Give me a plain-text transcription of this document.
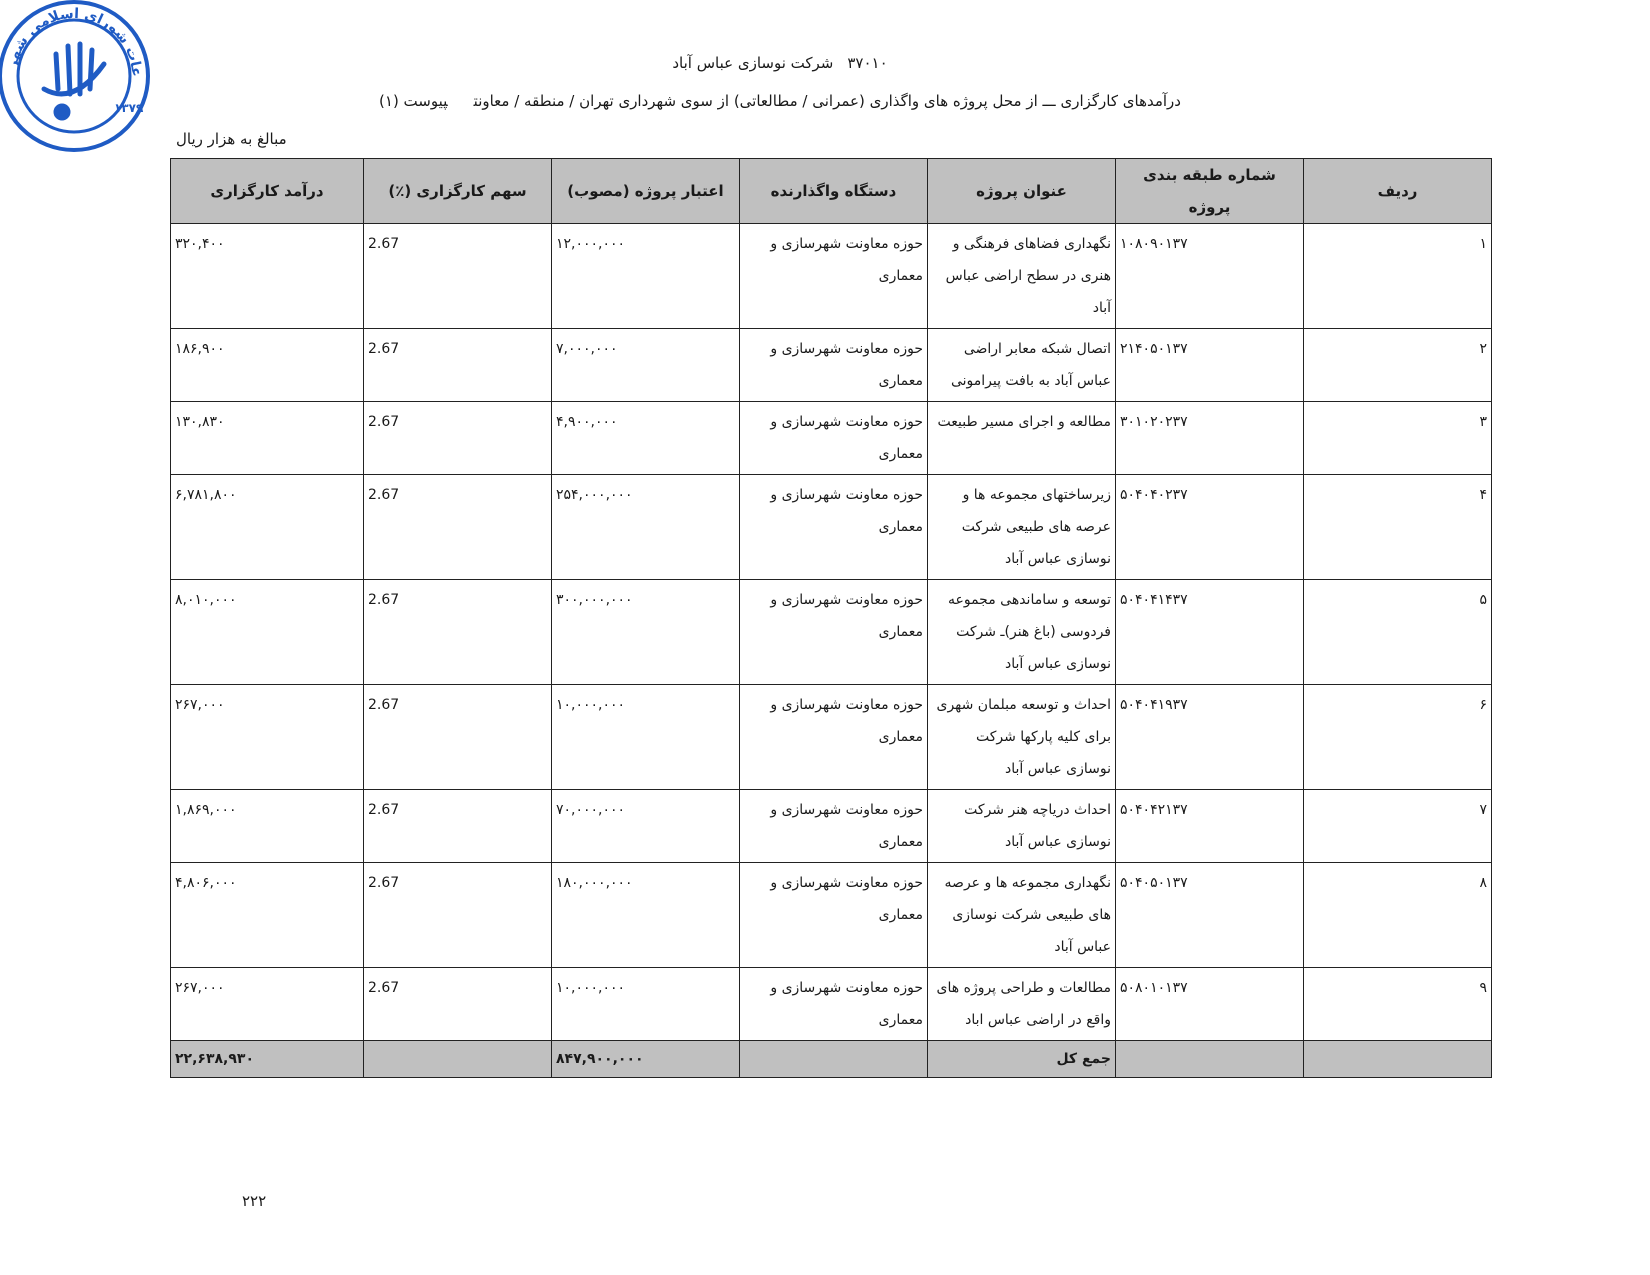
عات شورای اسلامی شهر
۱۳۷۹
۳۷۰۱۰شرکت نوسازی عباس آباد
درآمدهای کارگزاری ـــ از محل پروژه های واگذاری (عمرانی / مطالعاتی) از سوی شهرداری تهران / منطقه / معاونتپیوست (۱)
مبالغ به هزار ریال
ردیف	شماره طبقه بندی پروژه	عنوان پروژه	دستگاه واگذارنده	اعتبار پروژه (مصوب)	سهم کارگزاری (٪)	درآمد کارگزاری
۱	۱۰۸۰۹۰۱۳۷	نگهداری فضاهای فرهنگی و هنری در سطح اراضی عباس آباد	حوزه معاونت شهرسازی و معماری	۱۲,۰۰۰,۰۰۰	2.67	۳۲۰,۴۰۰
۲	۲۱۴۰۵۰۱۳۷	اتصال شبکه معابر اراضی عباس آباد به بافت پیرامونی	حوزه معاونت شهرسازی و معماری	۷,۰۰۰,۰۰۰	2.67	۱۸۶,۹۰۰
۳	۳۰۱۰۲۰۲۳۷	مطالعه و اجرای مسیر طبیعت	حوزه معاونت شهرسازی و معماری	۴,۹۰۰,۰۰۰	2.67	۱۳۰,۸۳۰
۴	۵۰۴۰۴۰۲۳۷	زیرساختهای مجموعه ها و عرصه های طبیعی شرکت نوسازی عباس آباد	حوزه معاونت شهرسازی و معماری	۲۵۴,۰۰۰,۰۰۰	2.67	۶,۷۸۱,۸۰۰
۵	۵۰۴۰۴۱۴۳۷	توسعه و ساماندهی مجموعه فردوسی (باغ هنر)ـ شرکت نوسازی عباس آباد	حوزه معاونت شهرسازی و معماری	۳۰۰,۰۰۰,۰۰۰	2.67	۸,۰۱۰,۰۰۰
۶	۵۰۴۰۴۱۹۳۷	احداث و توسعه مبلمان شهری برای کلیه پارکها شرکت نوسازی عباس آباد	حوزه معاونت شهرسازی و معماری	۱۰,۰۰۰,۰۰۰	2.67	۲۶۷,۰۰۰
۷	۵۰۴۰۴۲۱۳۷	احداث دریاچه هنر شرکت نوسازی عباس آباد	حوزه معاونت شهرسازی و معماری	۷۰,۰۰۰,۰۰۰	2.67	۱,۸۶۹,۰۰۰
۸	۵۰۴۰۵۰۱۳۷	نگهداری مجموعه ها و عرصه های طبیعی شرکت نوسازی عباس آباد	حوزه معاونت شهرسازی و معماری	۱۸۰,۰۰۰,۰۰۰	2.67	۴,۸۰۶,۰۰۰
۹	۵۰۸۰۱۰۱۳۷	مطالعات و طراحی پروژه های واقع در اراضی عباس اباد	حوزه معاونت شهرسازی و معماری	۱۰,۰۰۰,۰۰۰	2.67	۲۶۷,۰۰۰
		جمع کل		۸۴۷,۹۰۰,۰۰۰		۲۲,۶۳۸,۹۳۰
۲۲۲
